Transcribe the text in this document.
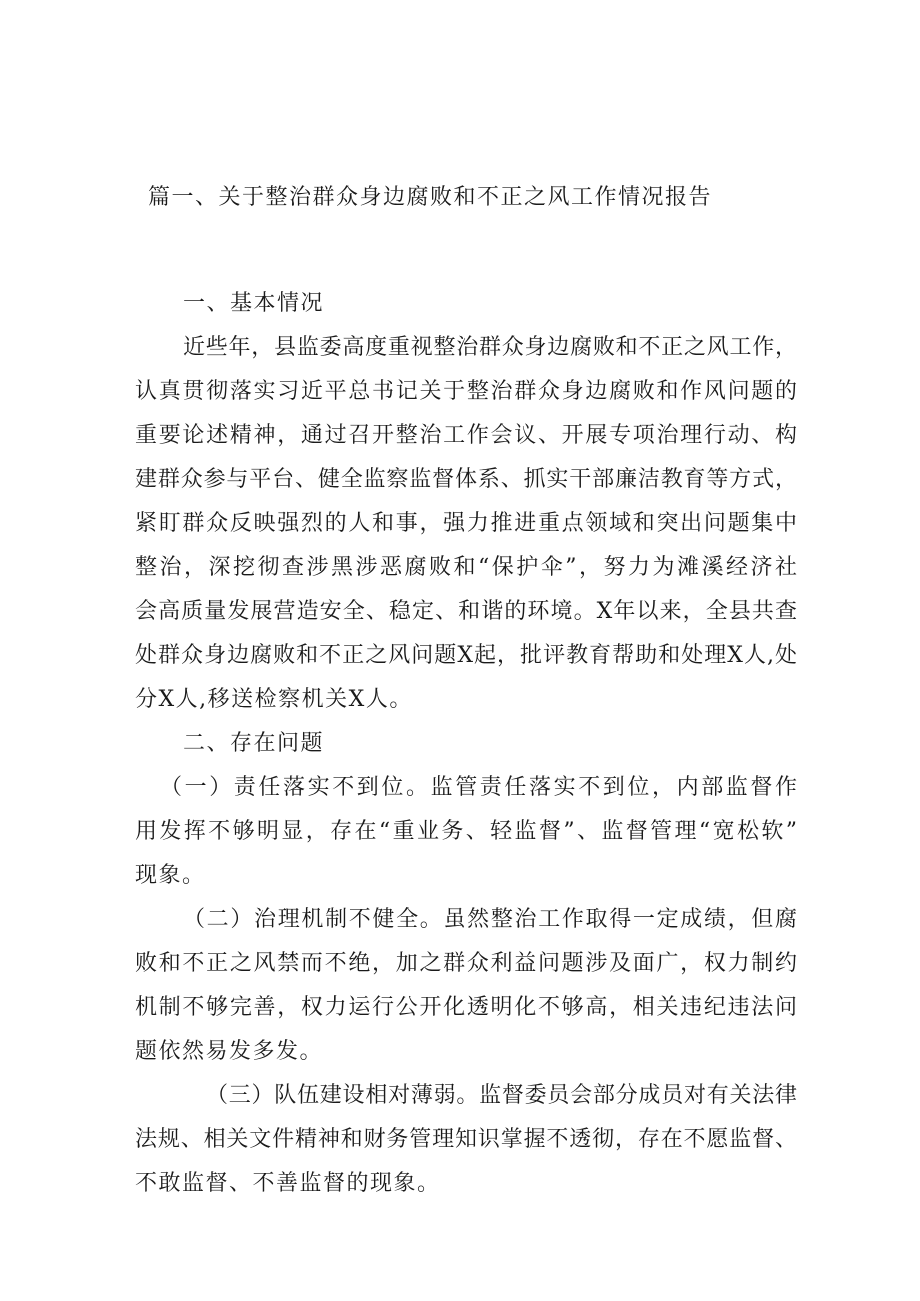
篇一、关于整治群众身边腐败和不正之风工作情况报告
一、基本情况
近些年，县监委高度重视整治群众身边腐败和不正之风工作，
认真贯彻落实习近平总书记关于整治群众身边腐败和作风问题的
重要论述精神，通过召开整治工作会议、开展专项治理行动、构
建群众参与平台、健全监察监督体系、抓实干部廉洁教育等方式，
紧盯群众反映强烈的人和事，强力推进重点领域和突出问题集中
整治，深挖彻查涉黑涉恶腐败和“保护伞”，努力为滩溪经济社
会高质量发展营造安全、稳定、和谐的环境。X年以来，全县共查
处群众身边腐败和不正之风问题X起，批评教育帮助和处理X人,处
分X人,移送检察机关X人。
二、存在问题
（一）责任落实不到位。监管责任落实不到位，内部监督作
用发挥不够明显，存在“重业务、轻监督”、监督管理“宽松软”
现象。
（二）治理机制不健全。虽然整治工作取得一定成绩，但腐
败和不正之风禁而不绝，加之群众利益问题涉及面广，权力制约
机制不够完善，权力运行公开化透明化不够高，相关违纪违法问
题依然易发多发。
（三）队伍建设相对薄弱。监督委员会部分成员对有关法律
法规、相关文件精神和财务管理知识掌握不透彻，存在不愿监督、
不敢监督、不善监督的现象。
